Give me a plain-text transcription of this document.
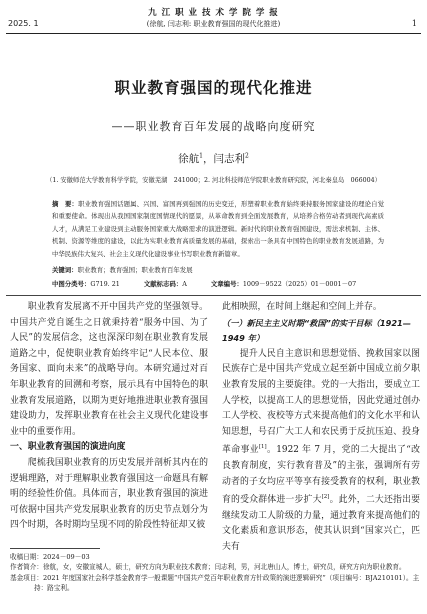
九 江 职 业 技 术 学 院 学 报
2025. 1	(徐航, 闫志利: 职业教育强国的现代化推进)	1
职业教育强国的现代化推进
——职业教育百年发展的战略向度研究
徐航$^1$，闫志利$^2$
（1. 安徽师范大学教育科学学院，安徽芜湖　241000；2. 河北科技师范学院职业教育研究院，河北秦皇岛　066004）
摘　要：职业教育强国话题属、兴国、富国再到强国的历史变迁，形塑着职业教育始终秉持服务国家建设的理论自觉和重要使命。体现出从我国国家制度国情现代的愿景，从革命教育到全面发展教育，从培养合格劳动者到现代高素质人才，从满足工业建设到主动服务国家重大战略需求的演进逻辑。新时代的职业教育强国建设，需法求机制、主体、机制、资源等维度的建设，以此为实职业教育高质量发展的基础，探索出一条具有中国特色的职业教育发展道路，为中华民族伟大复兴、社会主义现代化建设事业书写职业教育新篇章。
关键词：职业教育；教育强国；职业教育百年发展
中图分类号：G719. 21	文献标志码：A	文章编号：1009－9522（2025）01－0001－07

职业教育发展离不开中国共产党的坚强领导。中国共产党自诞生之日就秉持着“服务中国、为了人民”的发展信念，这也深深印刻在职业教育发展道路之中，促使职业教育始终牢记“人民本位、服务国家、面向未来”的战略导向。本研究通过对百年职业教育的回溯和考察，展示具有中国特色的职业教育发展道路，以期为更好地推进职业教育强国建设助力，发挥职业教育在社会主义现代化建设事业中的重要作用。

一、职业教育强国的演进向度

爬梳我国职业教育的历史发展并剖析其内在的逻辑理路，对于理解职业教育强国这一命题具有解明的经验性价值。具体而言，职业教育强国的演进可依据中国共产党发展职业教育的历史节点划分为四个时期，各时期均呈现不同的阶段性特征却又彼

此相映照，在时间上继起和空间上并存。

（一）新民主主义时期“救国”的实干目标（1921—1949 年）

提升人民自主意识和思想觉悟、挽救国家以图民族存亡是中国共产党成立起至新中国成立前夕职业教育发展的主要旋律。党的一大指出，要成立工人学校，以提高工人的思想觉悟，因此党通过创办工人学校、夜校等方式来提高他们的文化水平和认知思想，号召广大工人和农民勇于反抗压迫、投身革命事业[1]。1922 年 7 月，党的二大提出了“改良教育制度，实行教育普及”的主张，强调所有劳动者的子女均应平等享有接受教育的权利，职业教育的受众群体进一步扩大[2]。此外，二大还指出要继续发动工人阶级的力量，通过教育来提高他们的文化素质和意识形态，使其认识到“国家兴亡，匹夫有

收稿日期：2024－09－03
作者简介：徐航，女，安徽宣城人，硕士，研究方向为职业技术教育；闫志利，男，河北唐山人，博士，研究员，研究方向为职业教育。
基金项目：2021 年度国家社会科学基金教育学一般课题“中国共产党百年职业教育方针政策的演进逻辑研究”（项目编号：BJA210101）。主持：路宝利。
